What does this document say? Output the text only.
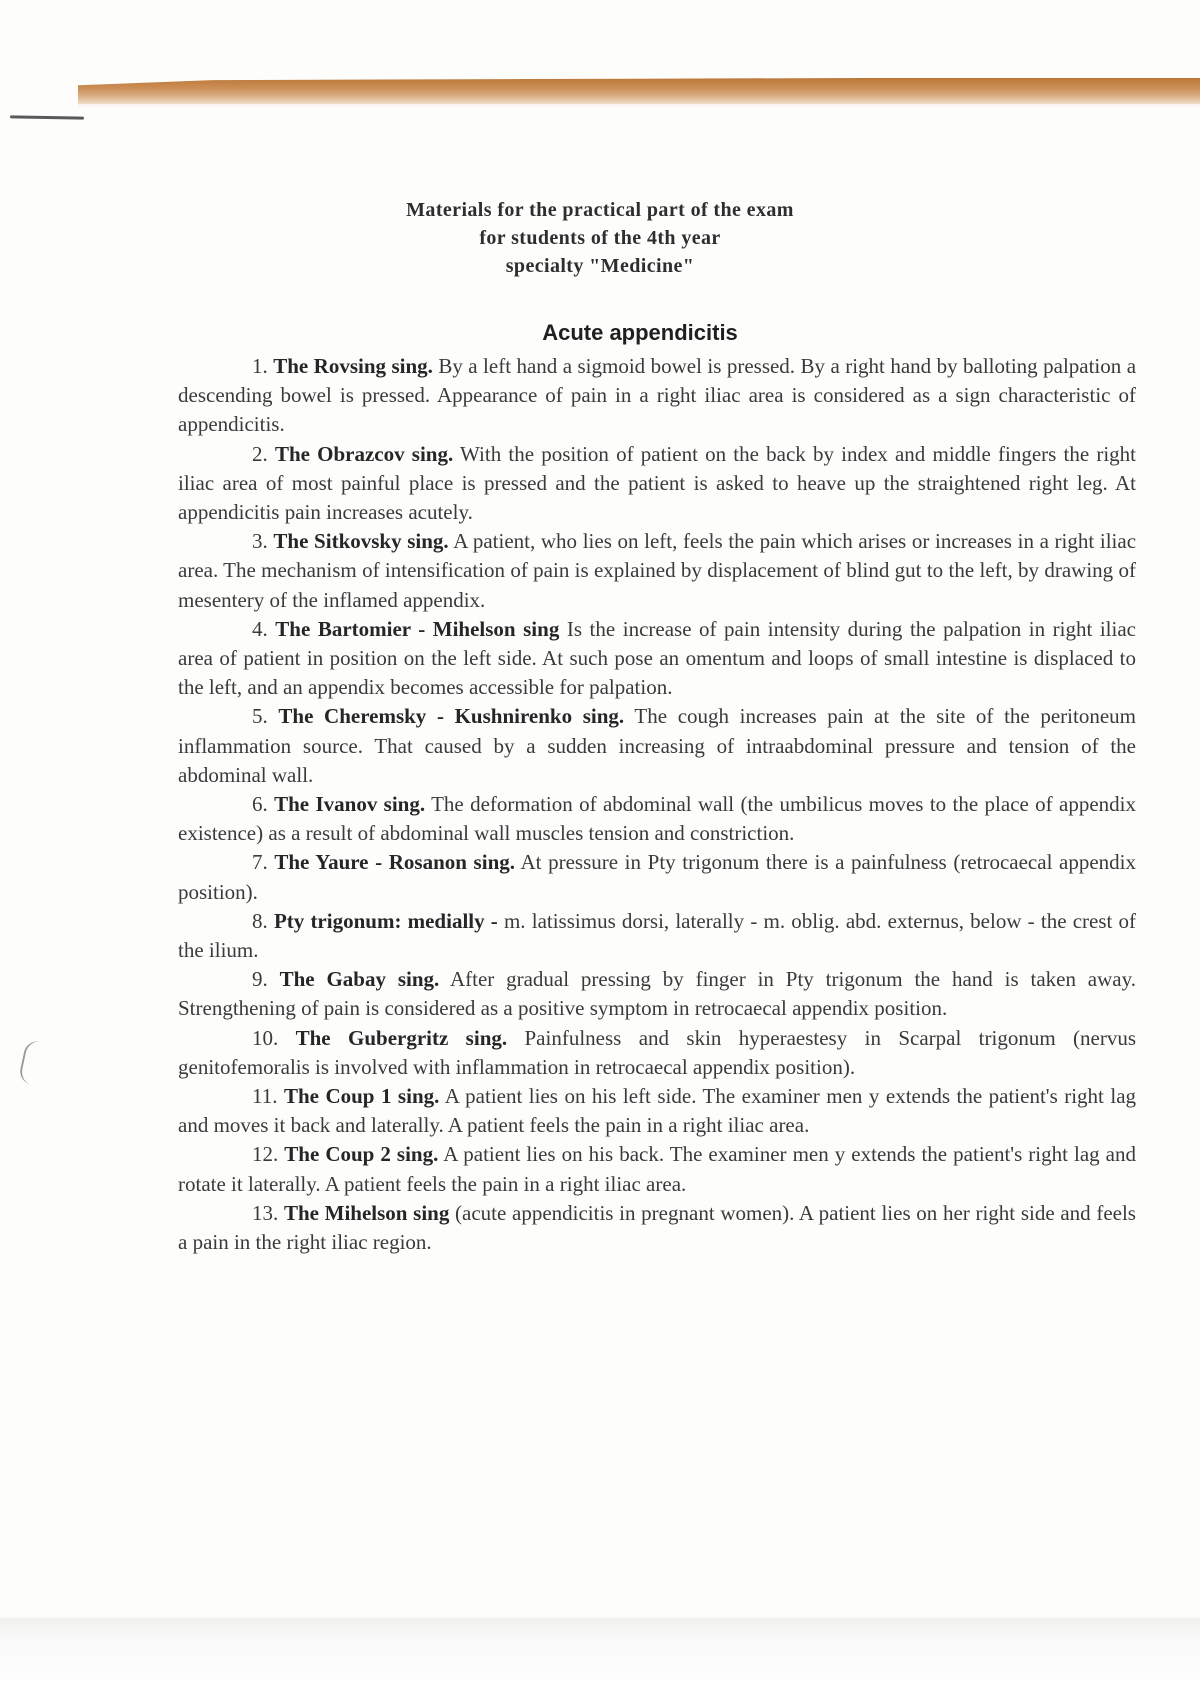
Materials for the practical part of the exam
for students of the 4th year
specialty "Medicine"
Acute appendicitis

1. The Rovsing sing. By a left hand a sigmoid bowel is pressed. By a right hand by balloting palpation a descending bowel is pressed. Appearance of pain in a right iliac area is considered as a sign characteristic of appendicitis.

2. The Obrazcov sing. With the position of patient on the back by index and middle fingers the right iliac area of most painful place is pressed and the patient is asked to heave up the straightened right leg. At appendicitis pain increases acutely.

3. The Sitkovsky sing. A patient, who lies on left, feels the pain which arises or increases in a right iliac area. The mechanism of intensification of pain is explained by displacement of blind gut to the left, by drawing of mesentery of the inflamed appendix.

4. The Bartomier - Mihelson sing Is the increase of pain intensity during the palpation in right iliac area of patient in position on the left side. At such pose an omentum and loops of small intestine is displaced to the left, and an appendix becomes accessible for palpation.

5. The Cheremsky - Kushnirenko sing. The cough increases pain at the site of the peritoneum inflammation source. That caused by a sudden increasing of intraabdominal pressure and tension of the abdominal wall.

6. The Ivanov sing. The deformation of abdominal wall (the umbilicus moves to the place of appendix existence) as a result of abdominal wall muscles tension and constriction.

7. The Yaure - Rosanon sing. At pressure in Pty trigonum there is a painfulness (retrocaecal appendix position).

8. Pty trigonum: medially - m. latissimus dorsi, laterally - m. oblig. abd. externus, below - the crest of the ilium.

9. The Gabay sing. After gradual pressing by finger in Pty trigonum the hand is taken away. Strengthening of pain is considered as a positive symptom in retrocaecal appendix position.

10. The Gubergritz sing. Painfulness and skin hyperaestesy in Scarpal trigonum (nervus genitofemoralis is involved with inflammation in retrocaecal appendix position).

11. The Coup 1 sing. A patient lies on his left side. The examiner men y extends the patient's right lag and moves it back and laterally. A patient feels the pain in a right iliac area.

12. The Coup 2 sing. A patient lies on his back. The examiner men y extends the patient's right lag and rotate it laterally. A patient feels the pain in a right iliac area.

13. The Mihelson sing (acute appendicitis in pregnant women). A patient lies on her right side and feels a pain in the right iliac region.
